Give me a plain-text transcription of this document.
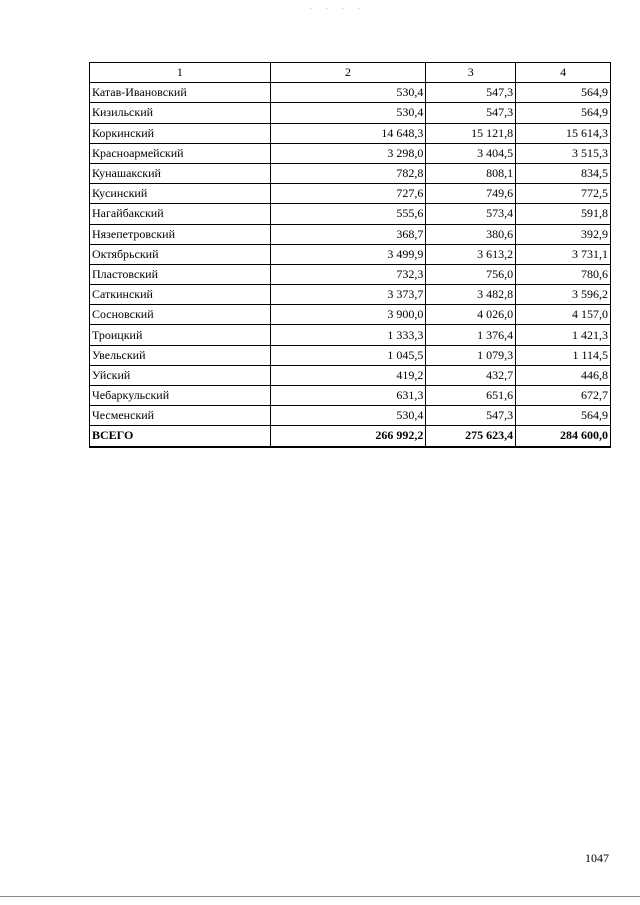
. . . .
1	2	3	4
Катав-Ивановский	530,4	547,3	564,9
Кизильский	530,4	547,3	564,9
Коркинский	14 648,3	15 121,8	15 614,3
Красноармейский	3 298,0	3 404,5	3 515,3
Кунашакский	782,8	808,1	834,5
Кусинский	727,6	749,6	772,5
Нагайбакский	555,6	573,4	591,8
Нязепетровский	368,7	380,6	392,9
Октябрьский	3 499,9	3 613,2	3 731,1
Пластовский	732,3	756,0	780,6
Саткинский	3 373,7	3 482,8	3 596,2
Сосновский	3 900,0	4 026,0	4 157,0
Троицкий	1 333,3	1 376,4	1 421,3
Увельский	1 045,5	1 079,3	1 114,5
Уйский	419,2	432,7	446,8
Чебаркульский	631,3	651,6	672,7
Чесменский	530,4	547,3	564,9
ВСЕГО	266 992,2	275 623,4	284 600,0
1047
